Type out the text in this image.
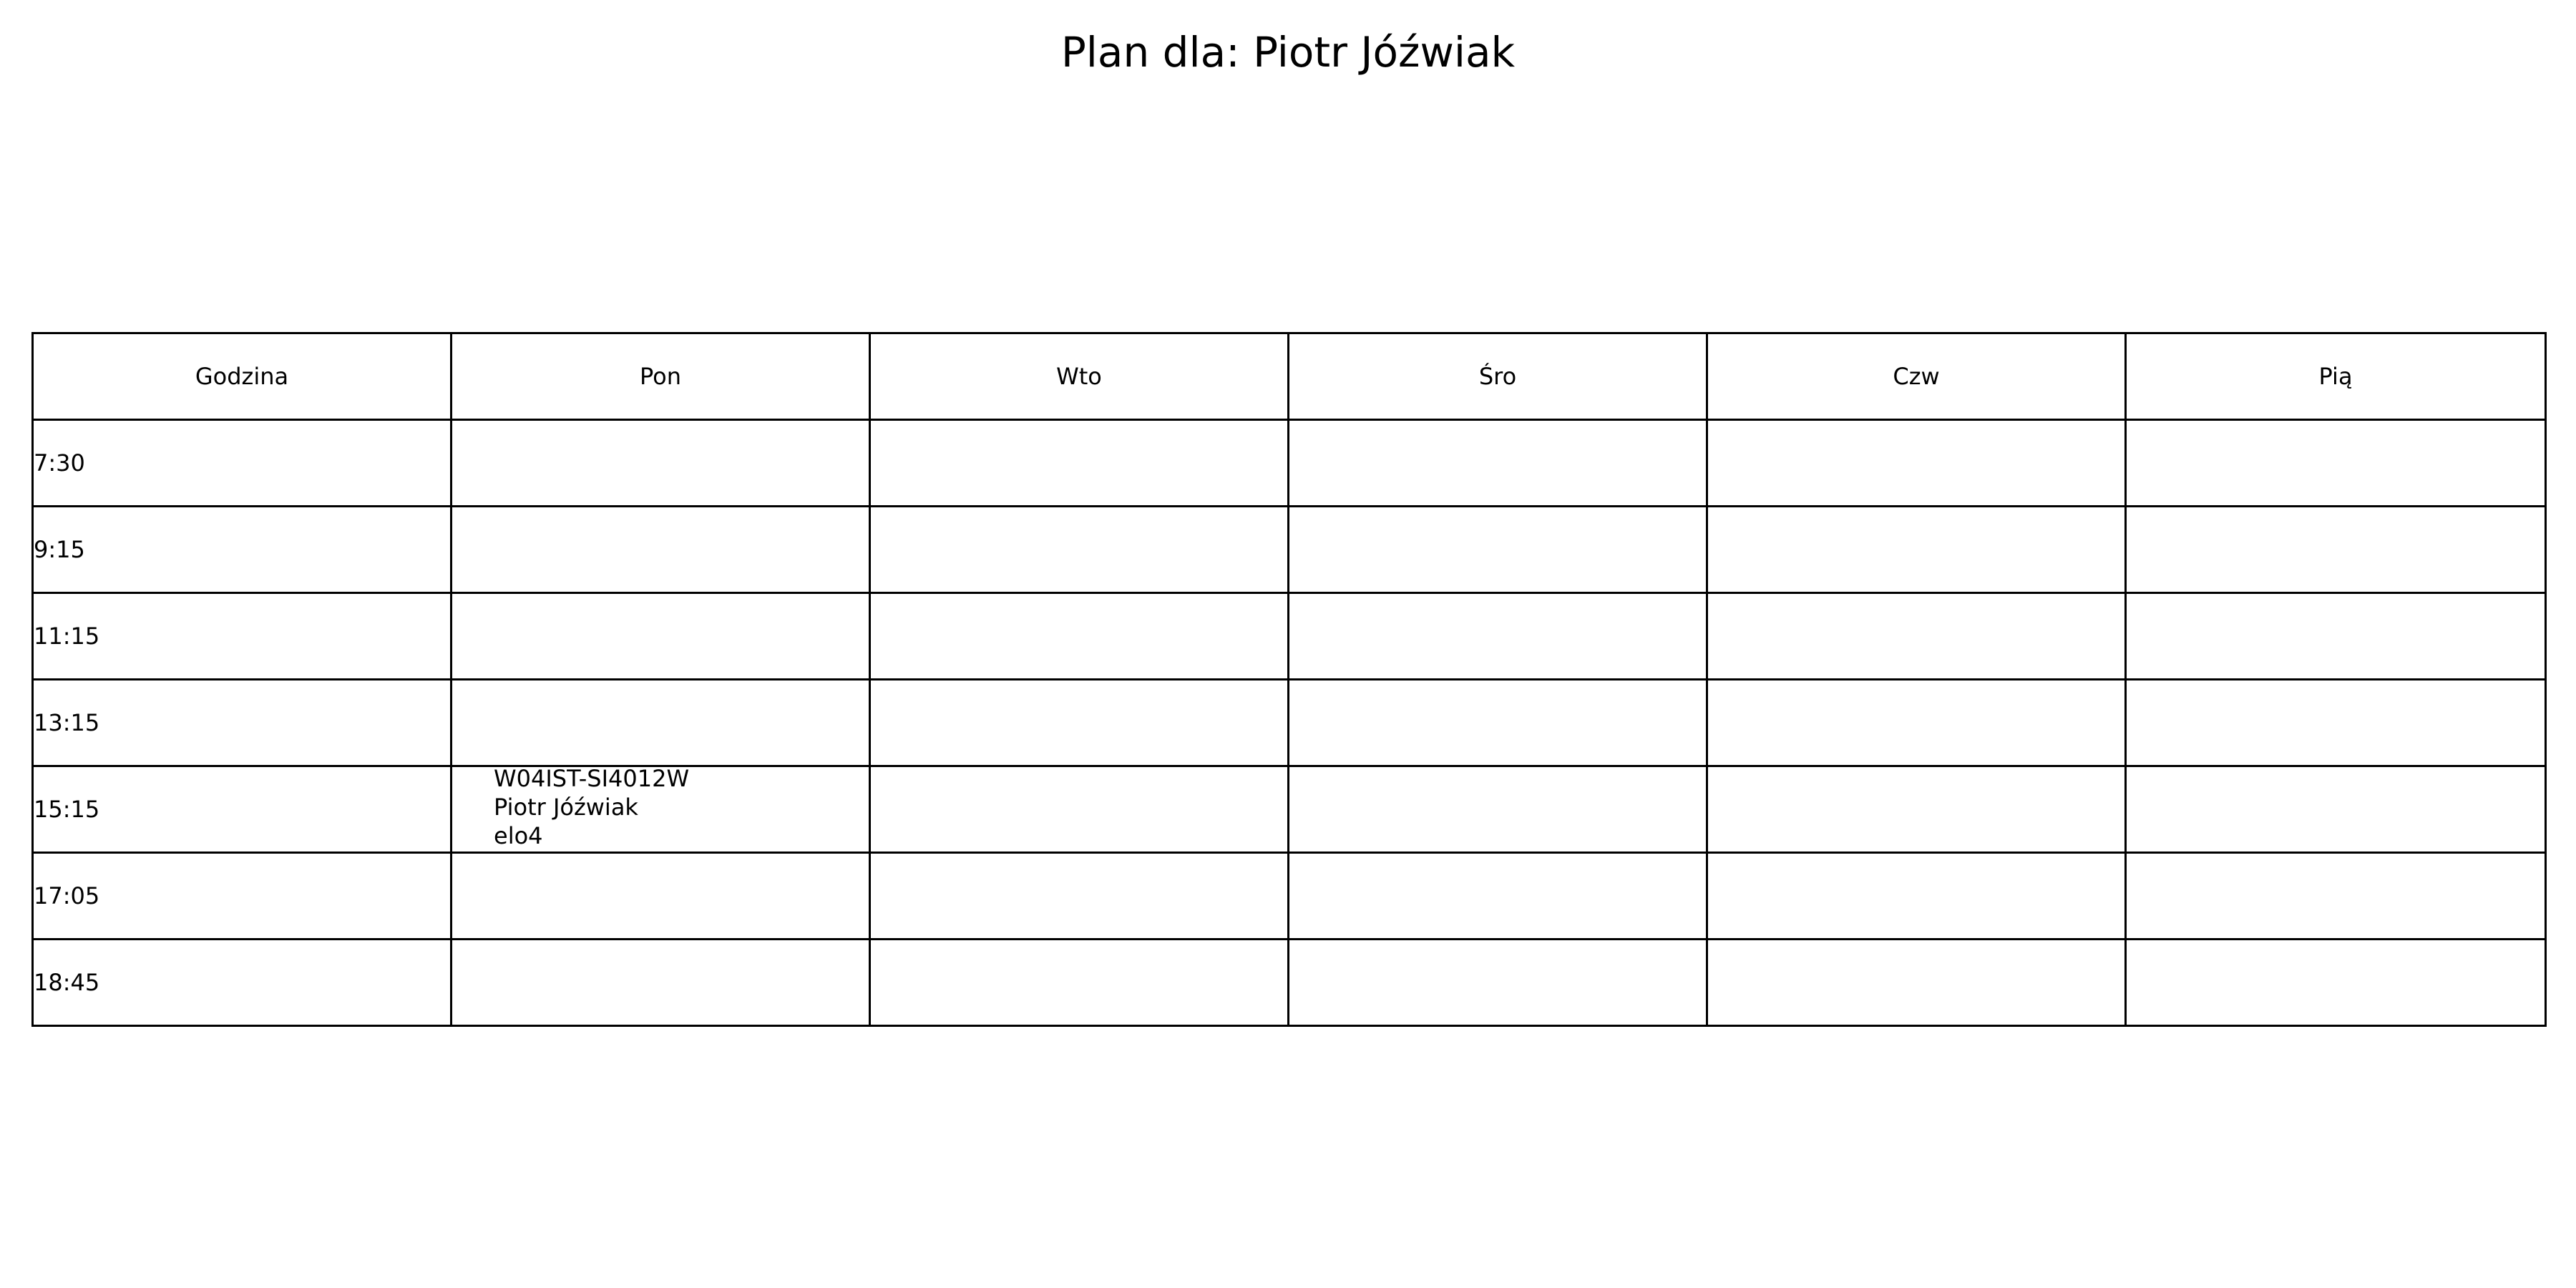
Plan dla: Piotr Jóźwiak
Godzina	Pon	Wto	Śro	Czw	Pią
7:30					
9:15					
11:15					
13:15					
15:15	W04IST-SI4012W
Piotr Jóźwiak
elo4				

17:05					
18:45					
